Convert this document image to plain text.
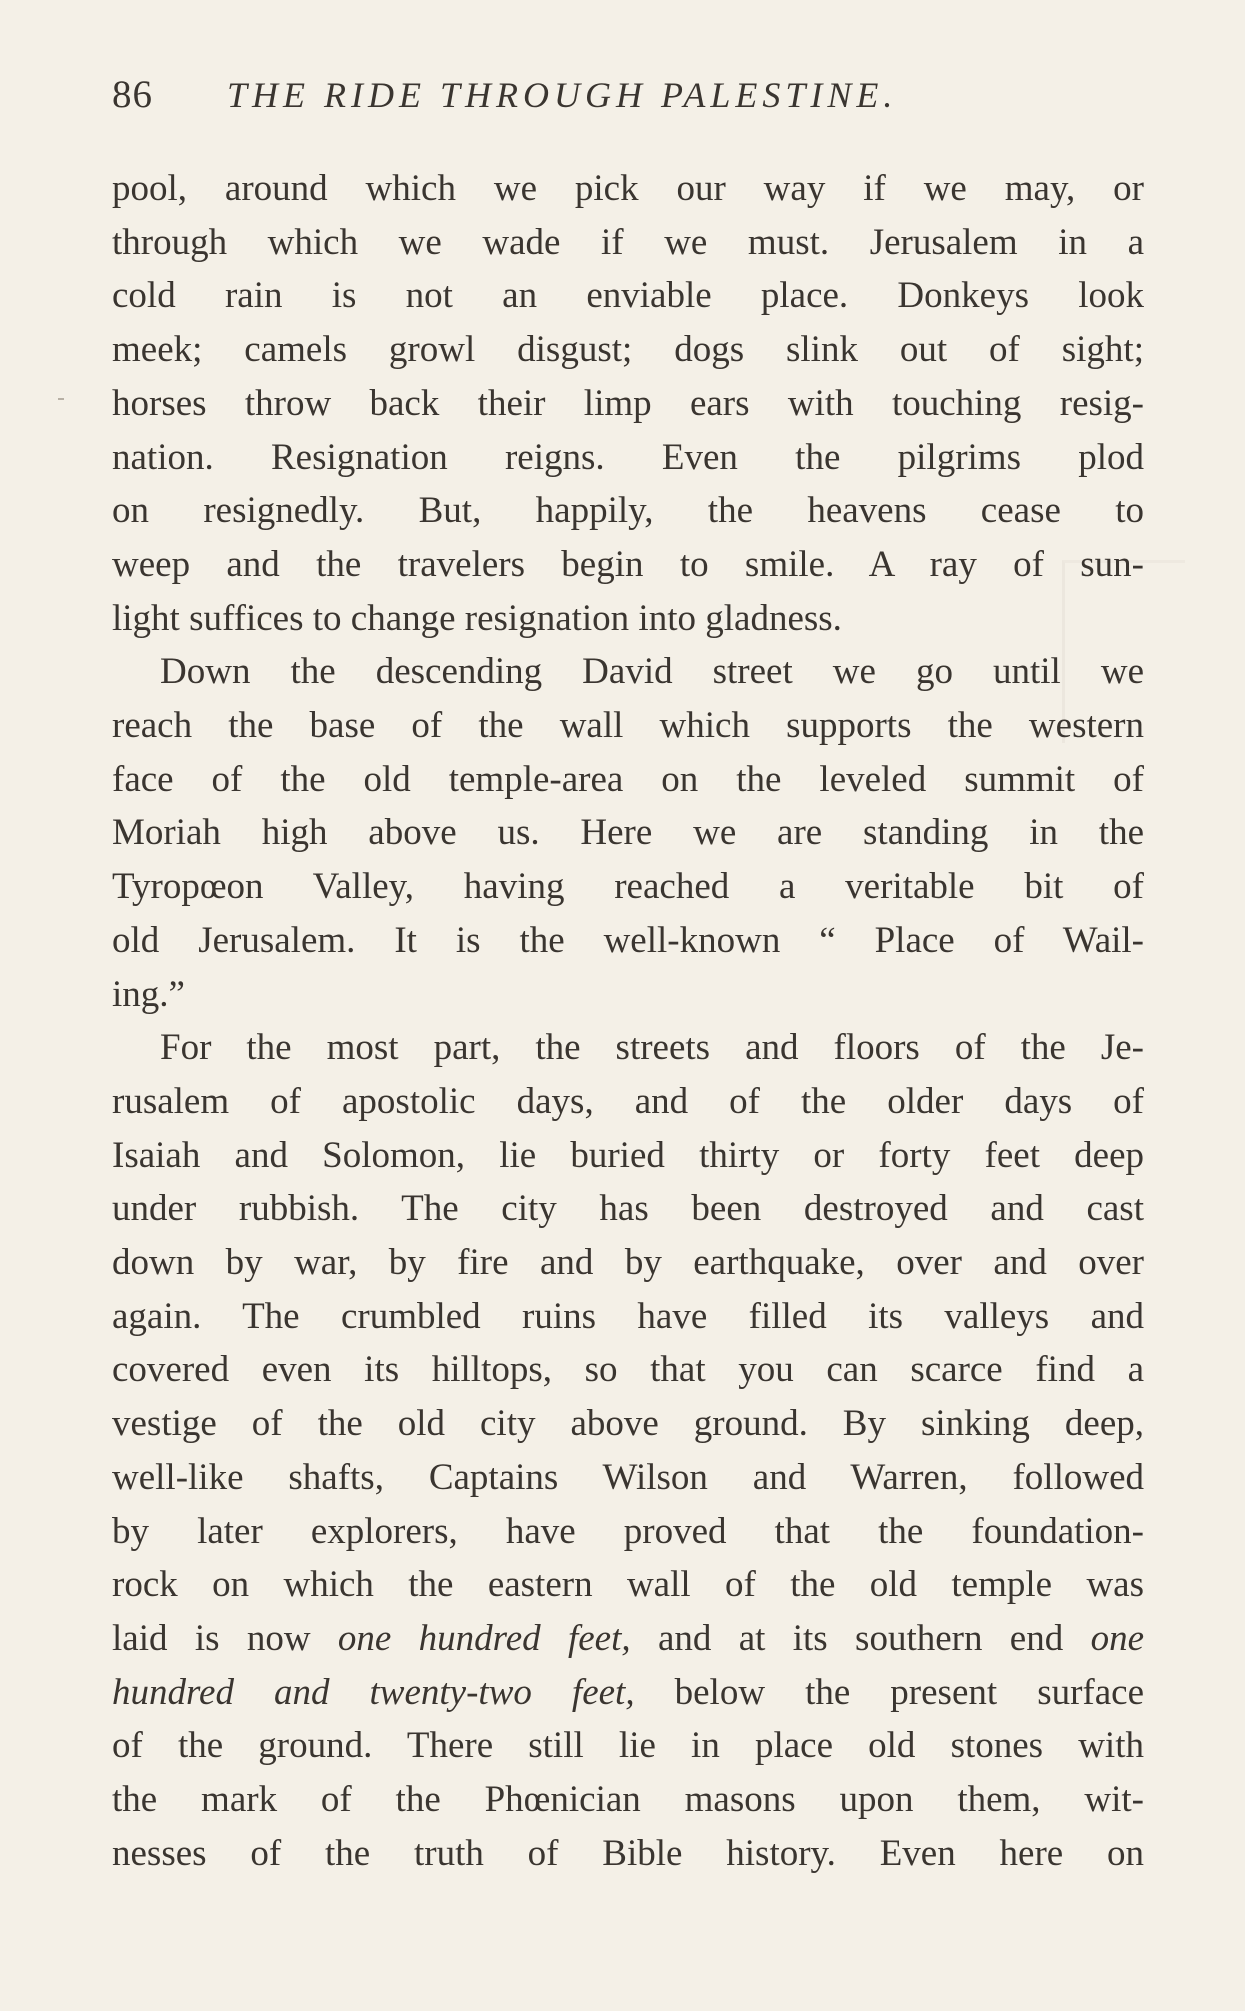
86 THE RIDE THROUGH PALESTINE.
pool, around which we pick our way if we may, or
through which we wade if we must. Jerusalem in a
cold rain is not an enviable place. Donkeys look
meek; camels growl disgust; dogs slink out of sight;
horses throw back their limp ears with touching resig-
nation. Resignation reigns. Even the pilgrims plod
on resignedly. But, happily, the heavens cease to
weep and the travelers begin to smile. A ray of sun-
light suffices to change resignation into gladness.
Down the descending David street we go until we
reach the base of the wall which supports the western
face of the old temple-area on the leveled summit of
Moriah high above us. Here we are standing in the
Tyropœon Valley, having reached a veritable bit of
old Jerusalem. It is the well-known “ Place of Wail-
ing.”
For the most part, the streets and floors of the Je-
rusalem of apostolic days, and of the older days of
Isaiah and Solomon, lie buried thirty or forty feet deep
under rubbish. The city has been destroyed and cast
down by war, by fire and by earthquake, over and over
again. The crumbled ruins have filled its valleys and
covered even its hilltops, so that you can scarce find a
vestige of the old city above ground. By sinking deep,
well-like shafts, Captains Wilson and Warren, followed
by later explorers, have proved that the foundation-
rock on which the eastern wall of the old temple was
laid is now one hundred feet, and at its southern end one
hundred and twenty-two feet, below the present surface
of the ground. There still lie in place old stones with
the mark of the Phœnician masons upon them, wit-
nesses of the truth of Bible history. Even here on
